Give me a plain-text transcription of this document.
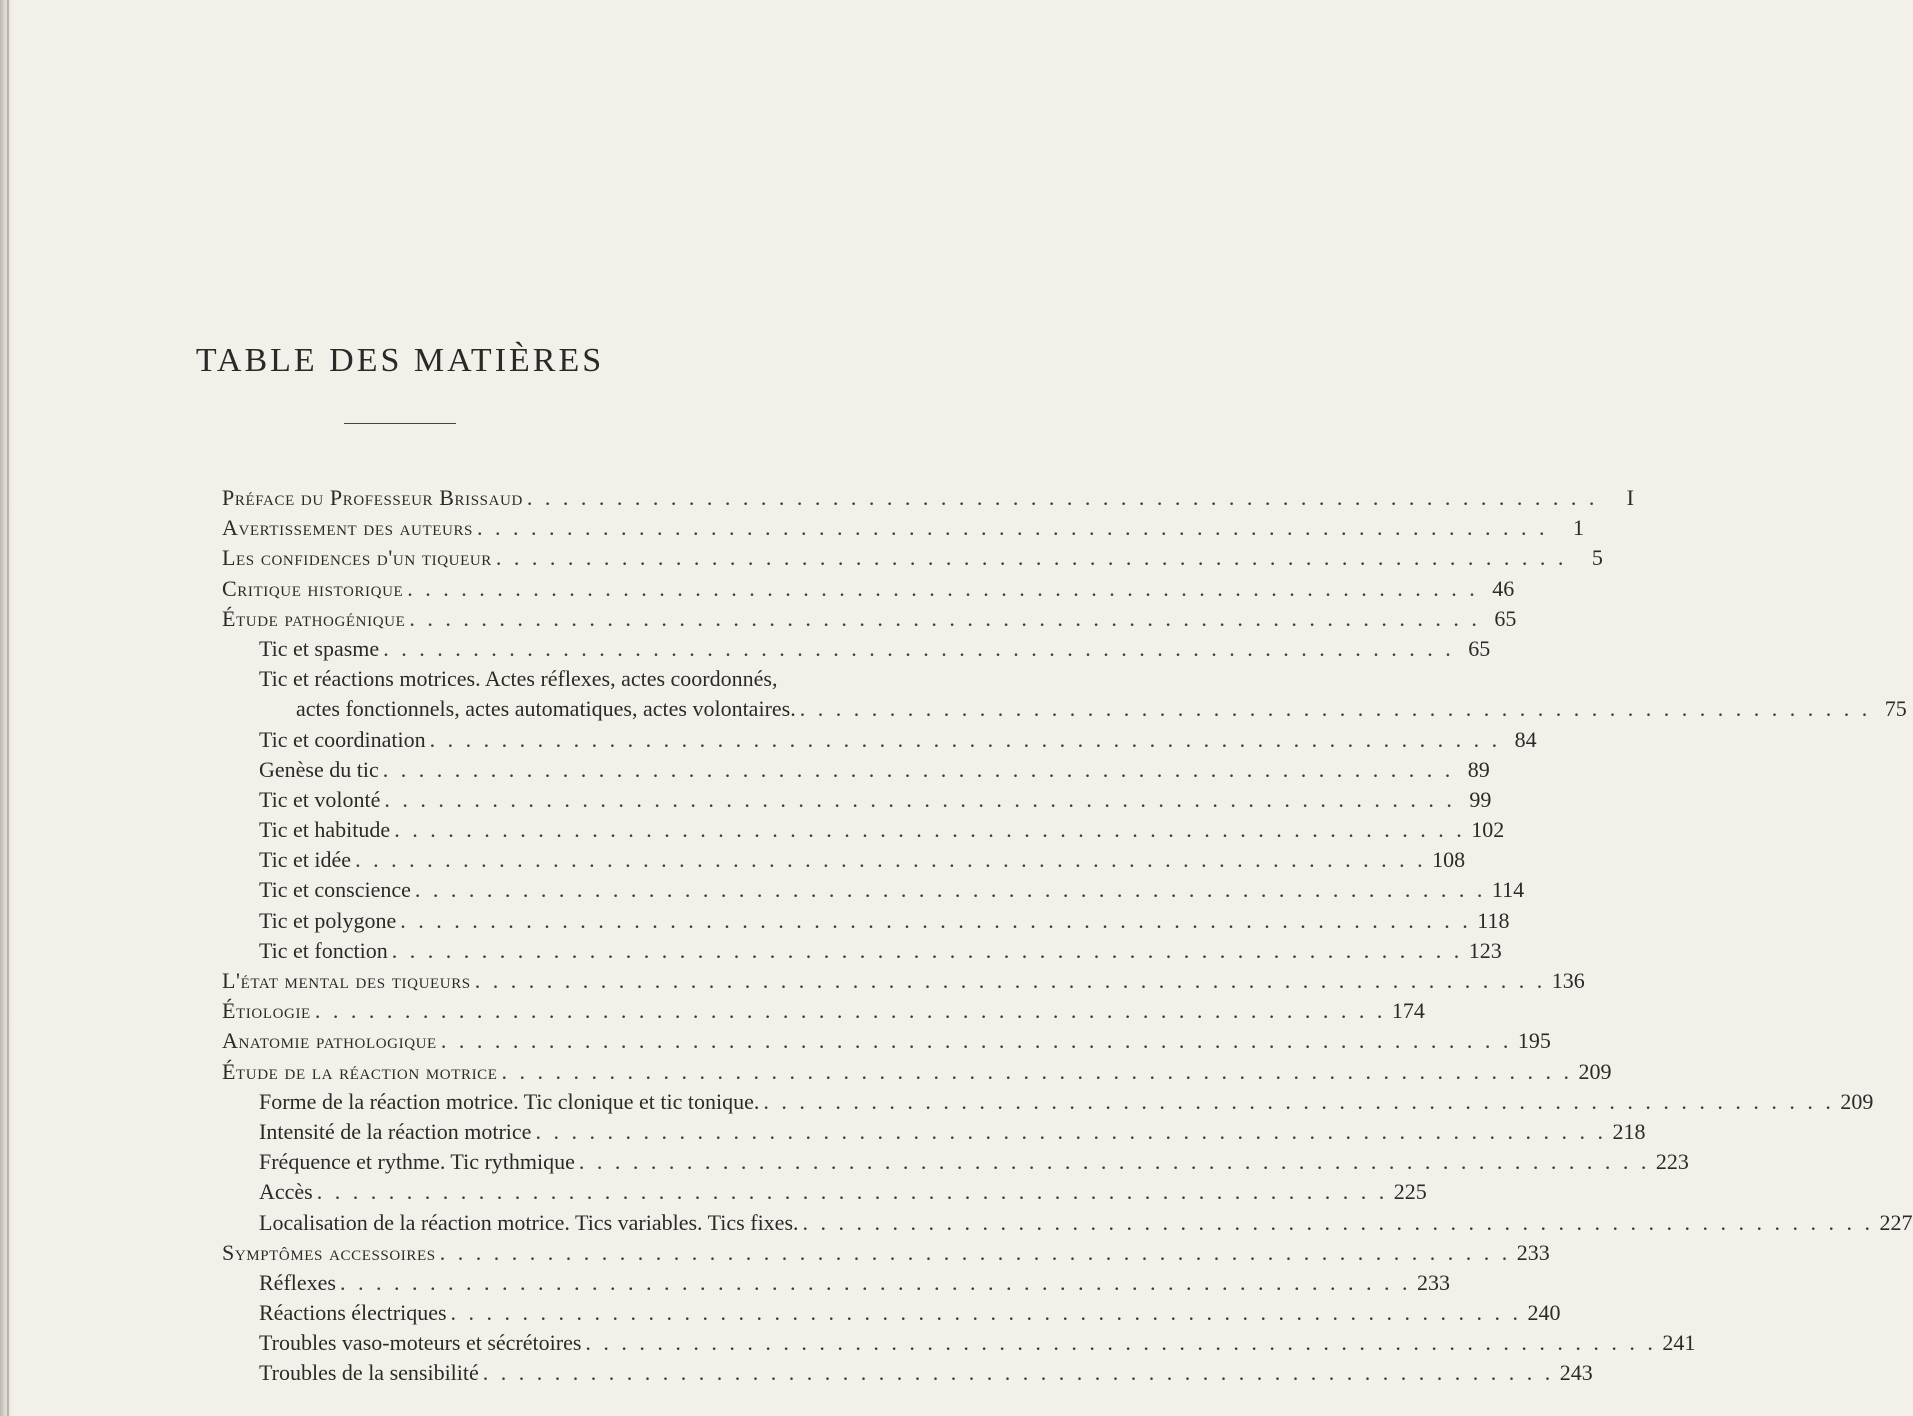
TABLE DES MATIÈRES
Préface du Professeur Brissaud . . . . . . . . . . . . . . . . . . . . . . . . . . . . . . . . . . . . . . . . . . . . . . . . . . . . . . . . . . . .	I
Avertissement des auteurs . . . . . . . . . . . . . . . . . . . . . . . . . . . . . . . . . . . . . . . . . . . . . . . . . . . . . . . . . . . .	1
Les confidences d'un tiqueur . . . . . . . . . . . . . . . . . . . . . . . . . . . . . . . . . . . . . . . . . . . . . . . . . . . . . . . . . . . .	5
Critique historique . . . . . . . . . . . . . . . . . . . . . . . . . . . . . . . . . . . . . . . . . . . . . . . . . . . . . . . . . . . . 46
Étude pathogénique . . . . . . . . . . . . . . . . . . . . . . . . . . . . . . . . . . . . . . . . . . . . . . . . . . . . . . . . . . . . 65
Tic et spasme . . . . . . . . . . . . . . . . . . . . . . . . . . . . . . . . . . . . . . . . . . . . . . . . . . . . . . . . . . . . 65
Tic et réactions motrices. Actes réflexes, actes coordonnés,
actes fonctionnels, actes automatiques, actes volontaires. . . . . . . . . . . . . . . . . . . . . . . . . . . . . . . . . . . . . . . . . . . . . . . . . . . . . . . . . . . . . 75
Tic et coordination . . . . . . . . . . . . . . . . . . . . . . . . . . . . . . . . . . . . . . . . . . . . . . . . . . . . . . . . . . . . 84
Genèse du tic . . . . . . . . . . . . . . . . . . . . . . . . . . . . . . . . . . . . . . . . . . . . . . . . . . . . . . . . . . . . 89
Tic et volonté . . . . . . . . . . . . . . . . . . . . . . . . . . . . . . . . . . . . . . . . . . . . . . . . . . . . . . . . . . . . 99
Tic et habitude . . . . . . . . . . . . . . . . . . . . . . . . . . . . . . . . . . . . . . . . . . . . . . . . . . . . . . . . . . . . 102
Tic et idée . . . . . . . . . . . . . . . . . . . . . . . . . . . . . . . . . . . . . . . . . . . . . . . . . . . . . . . . . . . . 108
Tic et conscience . . . . . . . . . . . . . . . . . . . . . . . . . . . . . . . . . . . . . . . . . . . . . . . . . . . . . . . . . . . . 114
Tic et polygone . . . . . . . . . . . . . . . . . . . . . . . . . . . . . . . . . . . . . . . . . . . . . . . . . . . . . . . . . . . . 118
Tic et fonction . . . . . . . . . . . . . . . . . . . . . . . . . . . . . . . . . . . . . . . . . . . . . . . . . . . . . . . . . . . . 123
L'état mental des tiqueurs . . . . . . . . . . . . . . . . . . . . . . . . . . . . . . . . . . . . . . . . . . . . . . . . . . . . . . . . . . . . 136
Étiologie . . . . . . . . . . . . . . . . . . . . . . . . . . . . . . . . . . . . . . . . . . . . . . . . . . . . . . . . . . . . 174
Anatomie pathologique . . . . . . . . . . . . . . . . . . . . . . . . . . . . . . . . . . . . . . . . . . . . . . . . . . . . . . . . . . . . 195
Étude de la réaction motrice . . . . . . . . . . . . . . . . . . . . . . . . . . . . . . . . . . . . . . . . . . . . . . . . . . . . . . . . . . . . 209
Forme de la réaction motrice. Tic clonique et tic tonique. . . . . . . . . . . . . . . . . . . . . . . . . . . . . . . . . . . . . . . . . . . . . . . . . . . . . . . . . . . . . 209
Intensité de la réaction motrice . . . . . . . . . . . . . . . . . . . . . . . . . . . . . . . . . . . . . . . . . . . . . . . . . . . . . . . . . . . . 218
Fréquence et rythme. Tic rythmique . . . . . . . . . . . . . . . . . . . . . . . . . . . . . . . . . . . . . . . . . . . . . . . . . . . . . . . . . . . . 223
Accès . . . . . . . . . . . . . . . . . . . . . . . . . . . . . . . . . . . . . . . . . . . . . . . . . . . . . . . . . . . . 225
Localisation de la réaction motrice. Tics variables. Tics fixes. . . . . . . . . . . . . . . . . . . . . . . . . . . . . . . . . . . . . . . . . . . . . . . . . . . . . . . . . . . . . 227
Symptômes accessoires . . . . . . . . . . . . . . . . . . . . . . . . . . . . . . . . . . . . . . . . . . . . . . . . . . . . . . . . . . . . 233
Réflexes . . . . . . . . . . . . . . . . . . . . . . . . . . . . . . . . . . . . . . . . . . . . . . . . . . . . . . . . . . . . 233
Réactions électriques . . . . . . . . . . . . . . . . . . . . . . . . . . . . . . . . . . . . . . . . . . . . . . . . . . . . . . . . . . . . 240
Troubles vaso-moteurs et sécrétoires . . . . . . . . . . . . . . . . . . . . . . . . . . . . . . . . . . . . . . . . . . . . . . . . . . . . . . . . . . . . 241
Troubles de la sensibilité . . . . . . . . . . . . . . . . . . . . . . . . . . . . . . . . . . . . . . . . . . . . . . . . . . . . . . . . . . . . 243
